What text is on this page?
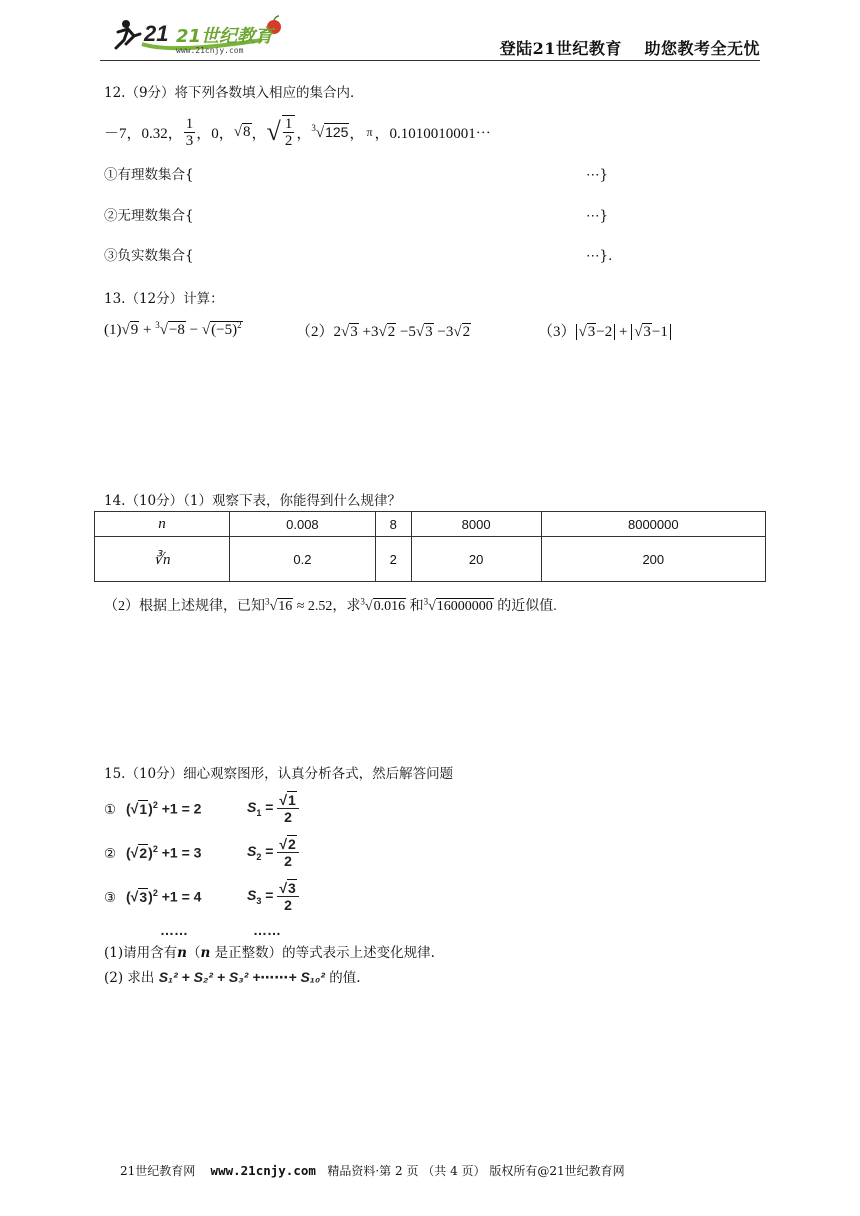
21 21世纪教育
www.21cnjy.com	登陆21世纪教育　 助您教考全无忧
12.（9分）将下列各数填入相应的集合内．
－7，0.32， $\frac{1}{3}$ ，0， √8 ， √ $\frac{1}{2}$ ， $^3$√125 ， π ，0.1010010001⋯
①有理数集合{	⋯}
②无理数集合{	⋯}
③负实数集合{	⋯}．
13.（12分）计算：
$(1)√9 + ^3√-8 - √(-5)^2$	（2）2√3 +3√2 −5√3 −3√2	（3） √3−2 + √3−1
14.（10分）（1）观察下表，你能得到什么规律？
n	0.008	8	8000	8000000
∛n	0.2	2	20	200
（2）根据上述规律，已知$^3$√16 ≈ 2.52，求$^3$√0.016 和$^3$√16000000 的近似值.
15.（10分）细心观察图形，认真分析各式，然后解答问题
① $(√1)^2 +1 = 2$	$S_1 = \frac{√1}{2}$
② $(√2)^2 +1 = 3$	$S_2 = \frac{√2}{2}$
③ $(√3)^2 +1 = 4$	$S_3 = \frac{√3}{2}$
……	……
(1)请用含有n（n 是正整数）的等式表示上述变化规律.
(2) 求出 S₁² + S₂² + S₃² +⋯⋯+ S₁₀² 的值.
21世纪教育网 www.21cnjy.com 精品资料·第 2 页 （共 4 页） 版权所有@21世纪教育网
